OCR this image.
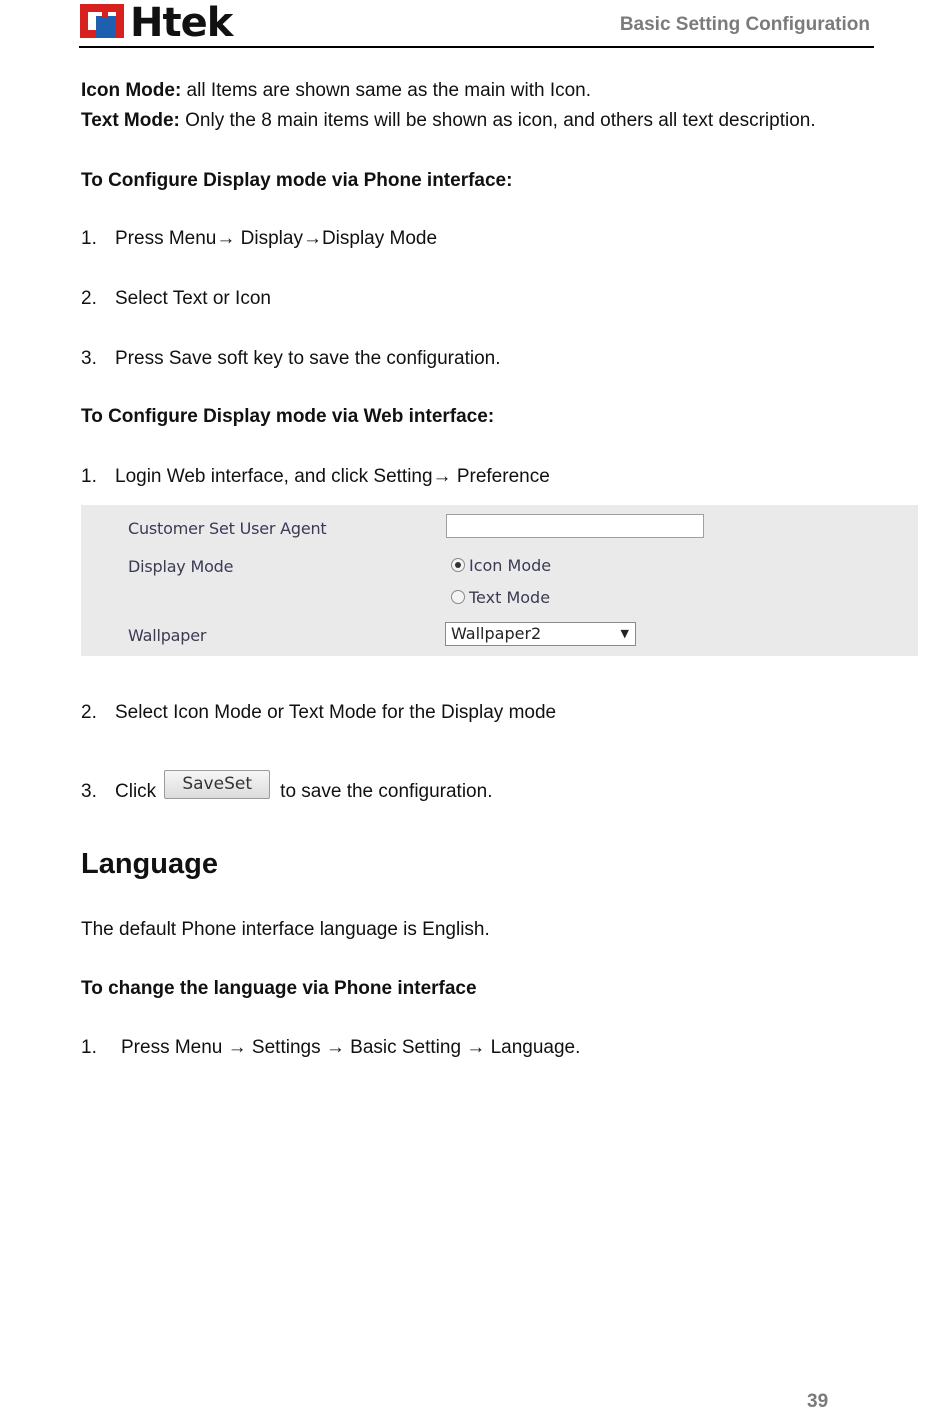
Htek	Basic Setting Configuration
Icon Mode: all Items are shown same as the main with Icon.
Text Mode: Only the 8 main items will be shown as icon, and others all text description.
To Configure Display mode via Phone interface:
1. Press Menu→ Display→Display Mode
2. Select Text or Icon
3. Press Save soft key to save the configuration.
To Configure Display mode via Web interface:
1. Login Web interface, and click Setting→ Preference
Customer Set User Agent
Display Mode	Icon Mode
Text Mode
Wallpaper	Wallpaper2	▼
2. Select Icon Mode or Text Mode for the Display mode
3. Click SaveSet to save the configuration.
Language
The default Phone interface language is English.
To change the language via Phone interface
1. Press Menu → Settings → Basic Setting → Language.
39
